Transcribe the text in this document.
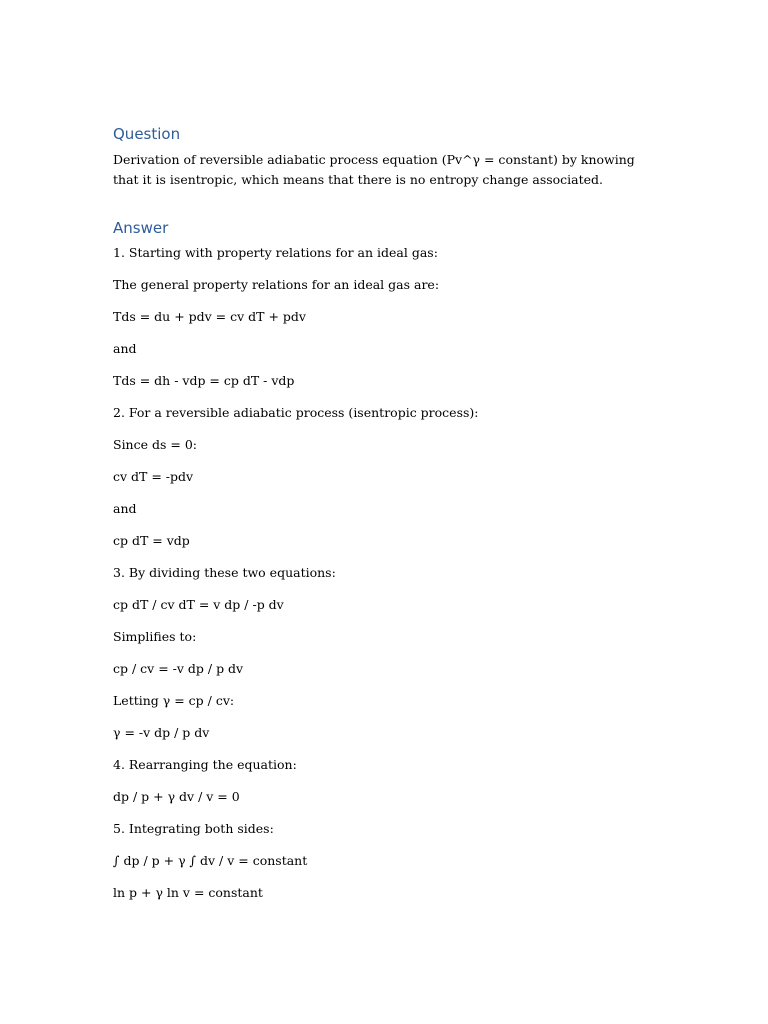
Question

Derivation of reversible adiabatic process equation (Pv^γ = constant) by knowing that it is isentropic, which means that there is no entropy change associated.

Answer

1. Starting with property relations for an ideal gas:

The general property relations for an ideal gas are:

Tds = du + pdv = cv dT + pdv

and

Tds = dh - vdp = cp dT - vdp

2. For a reversible adiabatic process (isentropic process):

Since ds = 0:

cv dT = -pdv

and

cp dT = vdp

3. By dividing these two equations:

cp dT / cv dT = v dp / -p dv

Simplifies to:

cp / cv = -v dp / p dv

Letting γ = cp / cv:

γ = -v dp / p dv

4. Rearranging the equation:

dp / p + γ dv / v = 0

5. Integrating both sides:

∫ dp / p + γ ∫ dv / v = constant

ln p + γ ln v = constant
